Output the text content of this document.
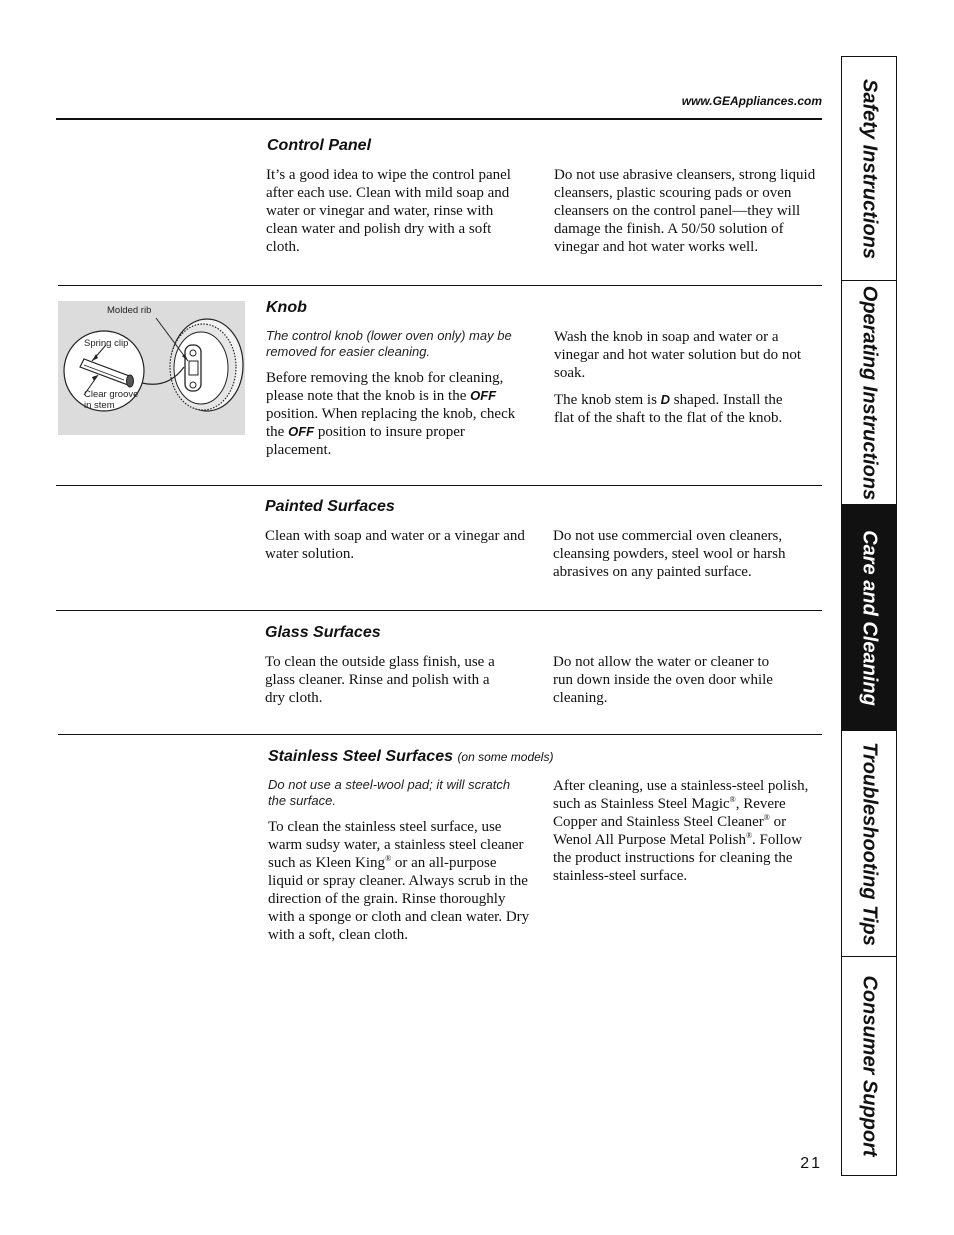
www.GEAppliances.com
Control Panel

It’s a good idea to wipe the control panel after each use. Clean with mild soap and water or vinegar and water, rinse with clean water and polish dry with a soft cloth.

Do not use abrasive cleansers, strong liquid cleansers, plastic scouring pads or oven cleansers on the control panel—they will damage the finish. A 50/50 solution of vinegar and hot water works well.

Molded rib
Spring clip
Clear groove
in stem
Knob

The control knob (lower oven only) may be removed for easier cleaning.

Before removing the knob for cleaning, please note that the knob is in the OFF position. When replacing the knob, check the OFF position to insure proper placement.

Wash the knob in soap and water or a vinegar and hot water solution but do not soak.

The knob stem is D shaped. Install the flat of the shaft to the flat of the knob.

Painted Surfaces

Clean with soap and water or a vinegar and water solution.

Do not use commercial oven cleaners, cleansing powders, steel wool or harsh abrasives on any painted surface.

Glass Surfaces

To clean the outside glass finish, use a glass cleaner. Rinse and polish with a dry cloth.

Do not allow the water or cleaner to run down inside the oven door while cleaning.

Stainless Steel Surfaces (on some models)

Do not use a steel-wool pad; it will scratch the surface.

To clean the stainless steel surface, use warm sudsy water, a stainless steel cleaner such as Kleen King® or an all-purpose liquid or spray cleaner. Always scrub in the direction of the grain. Rinse thoroughly with a sponge or cloth and clean water. Dry with a soft, clean cloth.

After cleaning, use a stainless-steel polish, such as Stainless Steel Magic®, Revere Copper and Stainless Steel Cleaner® or Wenol All Purpose Metal Polish®. Follow the product instructions for cleaning the stainless-steel surface.

21
Safety Instructions
Operating Instructions
Care and Cleaning
Troubleshooting Tips
Consumer Support
